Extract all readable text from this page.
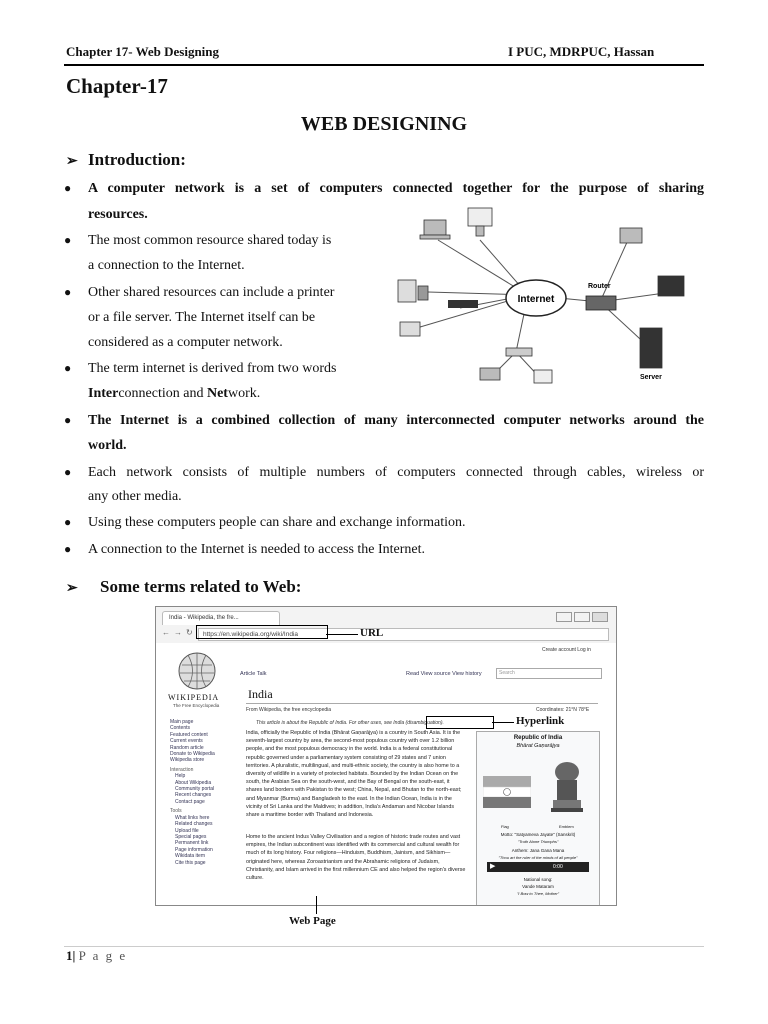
Chapter 17- Web Designing	I PUC, MDRPUC, Hassan
Chapter-17
WEB DESIGNING
➢ Introduction:
● A computer network is a set of computers connected together for the purpose of sharing
resources.
● The most common resource shared today is
a connection to the Internet.
● Other shared resources can include a printer
or a file server. The Internet itself can be
considered as a computer network.
● The term internet is derived from two words
Interconnection and Network.
● The Internet is a combined collection of many interconnected computer networks around the
world.
● Each network consists of multiple numbers of computers connected through cables, wireless or
any other media.
● Using these computers people can share and exchange information.
● A connection to the Internet is needed to access the Internet.
Internet
Router
Server
➢ Some terms related to Web:
India - Wikipedia, the fre...
← → ↻	https://en.wikipedia.org/wiki/India
Create account Log in
WIKIPEDIA
The Free Encyclopedia
Main page
Contents
Featured content
Current events
Random article
Donate to Wikipedia
Wikipedia store
Interaction
Help
About Wikipedia
Community portal
Recent changes
Contact page
Tools
What links here
Related changes
Upload file
Special pages
Permanent link
Page information
Wikidata item
Cite this page
Article Talk	Read View source View history	Search
India
From Wikipedia, the free encyclopedia	Coordinates: 21°N 78°E
This article is about the Republic of India. For other uses, see India (disambiguation).
India, officially the Republic of India (Bhārat Gaṇarājya) is a country in South Asia. It is the seventh-largest country by area, the second-most populous country with over 1.2 billion people, and the most populous democracy in the world. India is a federal constitutional republic governed under a parliamentary system consisting of 29 states and 7 union territories. A pluralistic, multilingual, and multi-ethnic society, the country is also home to a diversity of wildlife in a variety of protected habitats. Bounded by the Indian Ocean on the south, the Arabian Sea on the south-west, and the Bay of Bengal on the south-east, it shares land borders with Pakistan to the west; China, Nepal, and Bhutan to the north-east; and Myanmar (Burma) and Bangladesh to the east. In the Indian Ocean, India is in the vicinity of Sri Lanka and the Maldives; in addition, India's Andaman and Nicobar Islands share a maritime border with Thailand and Indonesia.
Home to the ancient Indus Valley Civilisation and a region of historic trade routes and vast empires, the Indian subcontinent was identified with its commercial and cultural wealth for much of its long history. Four religions—Hinduism, Buddhism, Jainism, and Sikhism—originated here, whereas Zoroastrianism and the Abrahamic religions of Judaism, Christianity, and Islam arrived in the first millennium CE and also helped the region's diverse culture.
Republic of India
Bhārat Gaṇarājya
Flag	Emblem
Motto: "Satyameva Jayate" (Sanskrit)
"Truth Alone Triumphs"
Anthem: Jana Gana Mana
"Thou art the ruler of the minds of all people"
▶	0:00
National song:
Vande Mataram
"I Bow to Thee, Mother"
URL
Hyperlink
Web Page
1| P a g e
